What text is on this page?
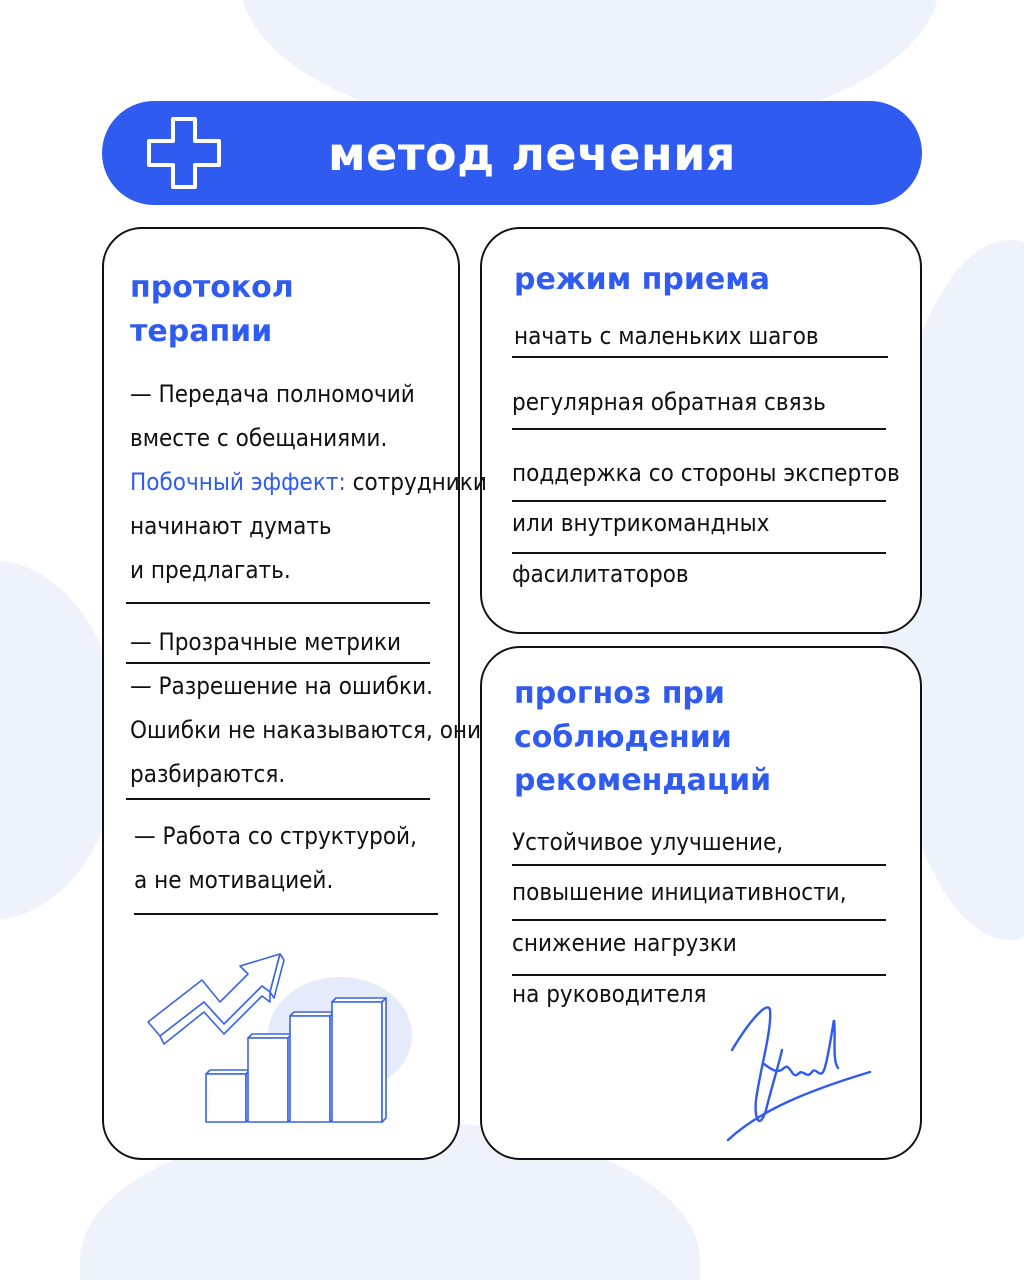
метод лечения
протокол
терапии
— Передача полномочий
вместе с обещаниями.
Побочный эффект: сотрудники
начинают думать
и предлагать.
— Прозрачные метрики
— Разрешение на ошибки.
Ошибки не наказываются, они
разбираются.
— Работа со структурой,
а не мотивацией.
режим приема
начать с маленьких шагов
регулярная обратная связь
поддержка со стороны экспертов
или внутрикомандных
фасилитаторов
прогноз при
соблюдении
рекомендаций
Устойчивое улучшение,
повышение инициативности,
снижение нагрузки
на руководителя
